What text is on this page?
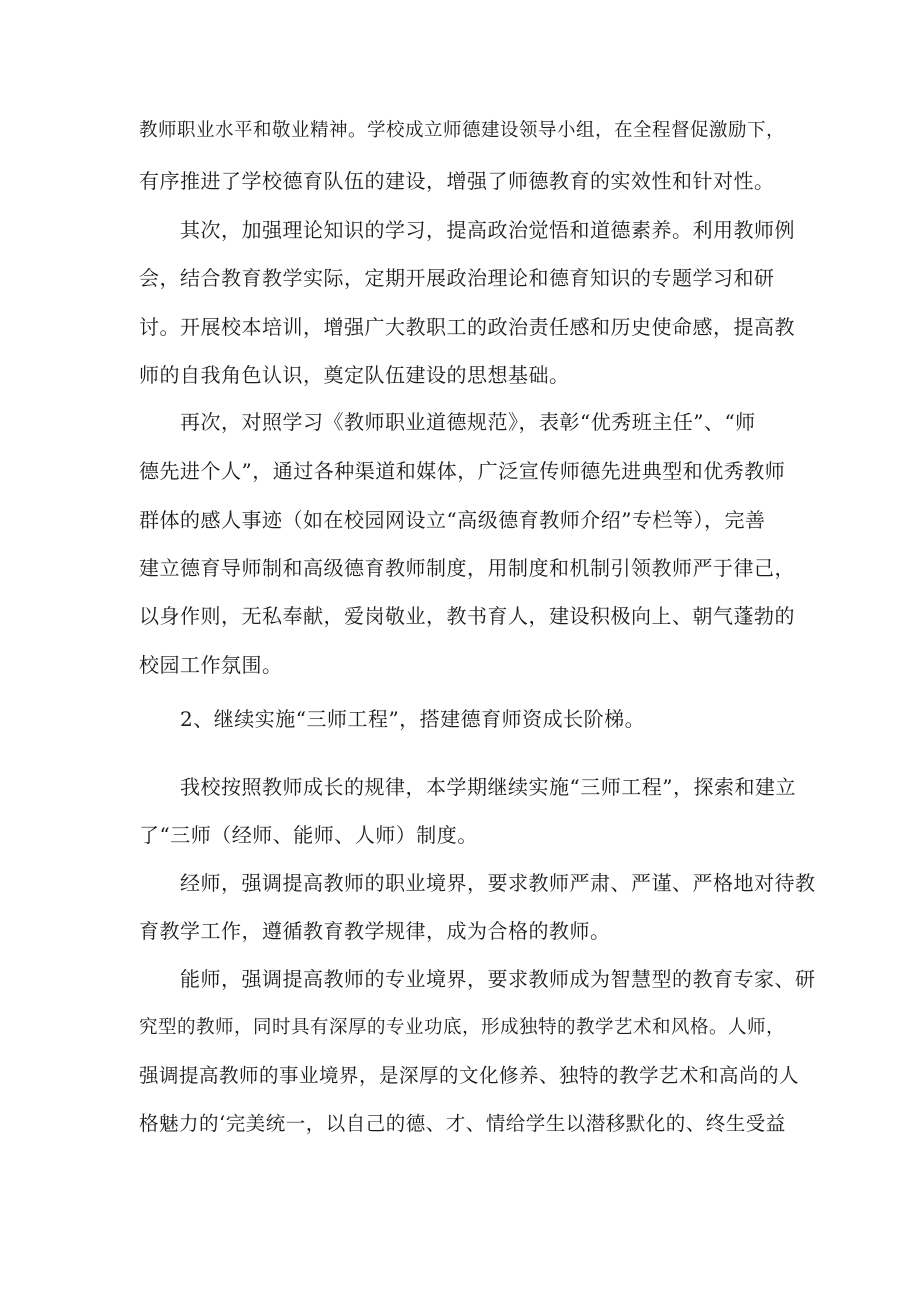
教师职业水平和敬业精神。学校成立师德建设领导小组，在全程督促激励下，
有序推进了学校德育队伍的建设，增强了师德教育的实效性和针对性。
其次，加强理论知识的学习，提高政治觉悟和道德素养。利用教师例
会，结合教育教学实际，定期开展政治理论和德育知识的专题学习和研
讨。开展校本培训，增强广大教职工的政治责任感和历史使命感，提高教
师的自我角色认识，奠定队伍建设的思想基础。
再次，对照学习《教师职业道德规范》，表彰“优秀班主任”、“师
德先进个人”，通过各种渠道和媒体，广泛宣传师德先进典型和优秀教师
群体的感人事迹（如在校园网设立“高级德育教师介绍”专栏等），完善
建立德育导师制和高级德育教师制度，用制度和机制引领教师严于律己，
以身作则，无私奉献，爱岗敬业，教书育人，建设积极向上、朝气蓬勃的
校园工作氛围。
2、继续实施“三师工程”，搭建德育师资成长阶梯。
我校按照教师成长的规律，本学期继续实施“三师工程”，探索和建立
了“三师（经师、能师、人师）制度。
经师，强调提高教师的职业境界，要求教师严肃、严谨、严格地对待教
育教学工作，遵循教育教学规律，成为合格的教师。
能师，强调提高教师的专业境界，要求教师成为智慧型的教育专家、研
究型的教师，同时具有深厚的专业功底，形成独特的教学艺术和风格。人师，
强调提高教师的事业境界，是深厚的文化修养、独特的教学艺术和高尚的人
格魅力的‘完美统一，以自己的德、才、情给学生以潜移默化的、终生受益
